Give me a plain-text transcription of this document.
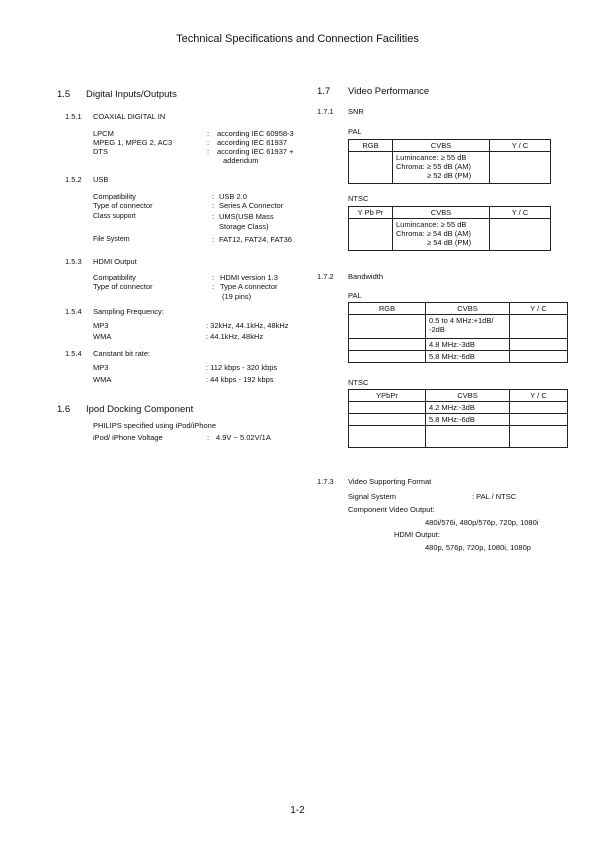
Technical Specifications and Connection Facilities
1.5 Digital Inputs/Outputs
1.5.1 COAXIAL DIGITAL IN
LPCM	: according IEC 60958-3
MPEG 1, MPEG 2, AC3	: according IEC 61937
DTS	: according IEC 61937 +
addendum
1.5.2 USB
Compatibility	: USB 2.0
Type of connector	: Series A Connector
Class support	: UMS(USB Mass
Storage Class)
File System	: FAT12, FAT24, FAT36
1.5.3 HDMI Output
Compatibility	: HDMI version 1.3
Type of connector	: Type A connector
(19 pins)
1.5.4 Sampling Frequency:
MP3	: 32kHz, 44.1kHz, 48kHz
WMA	: 44.1kHz, 48kHz
1.5.4 Canstant bit rate:
MP3	: 112 kbps - 320 kbps
WMA	: 44 kbps - 192 kbps
1.6 Ipod Docking Component
PHILIPS specified using iPod/iPhone
iPod/ iPhone Voltage	: 4.9V ~ 5.02V/1A
1.7 Video Performance
1.7.1 SNR
PAL
RGB	CVBS	Y / C

	Lumincance: ≥ 55 dB
Chroma: ≥ 55 dB (AM)
≥ 52 dB (PM)	

NTSC
Y Pb Pr	CVBS	Y / C

	Lumincance: ≥ 55 dB
Chroma: ≥ 54 dB (AM)
≥ 54 dB (PM)	

1.7.2 Bandwidth
PAL
RGB	CVBS	Y / C

	0.5 to 4 MHz:+1dB/
-2dB	

	4.8 MHz:-3dB	
	5.8 MHz:-6dB	
NTSC
YPbPr	CVBS	Y / C
	4.2 MHz:-3dB	
	5.8 MHz:-6dB	

1.7.3 Video Supporting Format
Signal System	: PAL / NTSC
Component Video Output:
480i/576i, 480p/576p, 720p, 1080i
HDMI Output:
480p, 576p, 720p, 1080i, 1080p
1-2
